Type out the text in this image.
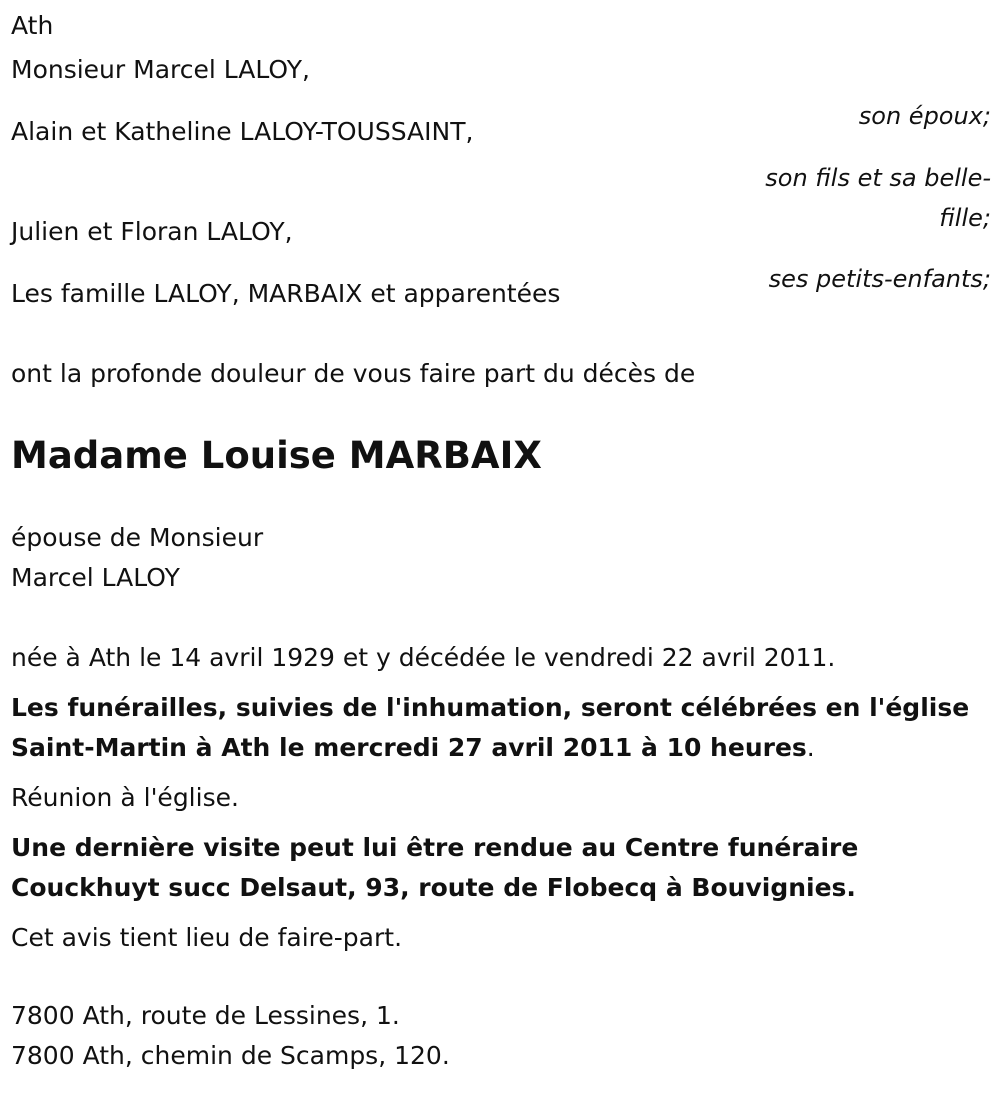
Ath

Monsieur Marcel LALOY,

son époux;

Alain et Katheline LALOY-TOUSSAINT,

son fils et sa belle-fille;

Julien et Floran LALOY,

ses petits-enfants;

Les famille LALOY, MARBAIX et apparentées

ont la profonde douleur de vous faire part du décès de

Madame Louise MARBAIX

épouse de Monsieur

Marcel LALOY

née à Ath le 14 avril 1929 et y décédée le vendredi 22 avril 2011.

Les funérailles, suivies de l'inhumation, seront célébrées en l'église Saint-Martin à Ath le mercredi 27 avril 2011 à 10 heures.

Réunion à l'église.

Une dernière visite peut lui être rendue au Centre funéraire Couckhuyt succ Delsaut, 93, route de Flobecq à Bouvignies.

Cet avis tient lieu de faire-part.

7800 Ath, route de Lessines, 1.

7800 Ath, chemin de Scamps, 120.
